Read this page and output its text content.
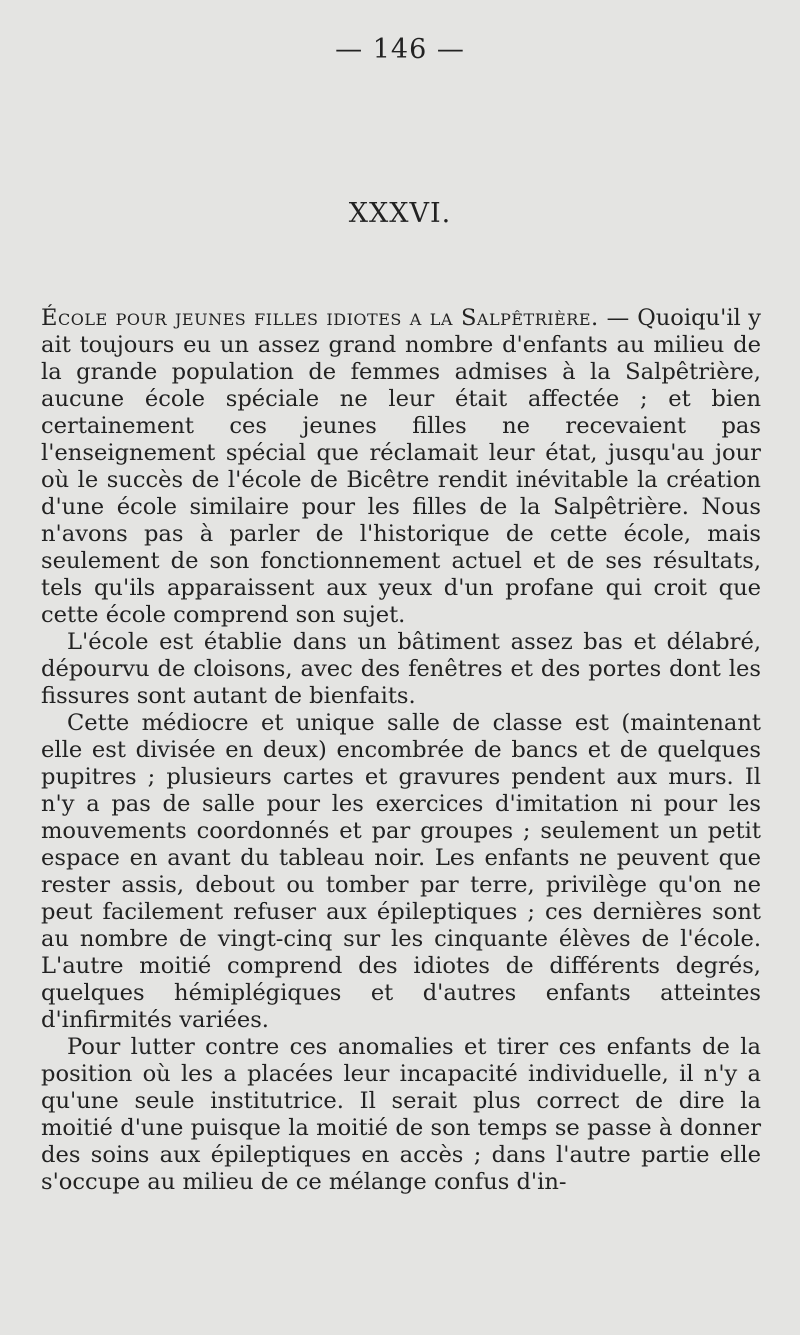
— 146 —
XXXVI.

École pour jeunes filles idiotes a la Salpêtrière. — Quoiqu'il y ait toujours eu un assez grand nombre d'enfants au milieu de la grande population de femmes admises à la Salpêtrière, aucune école spéciale ne leur était affectée ; et bien certainement ces jeunes filles ne recevaient pas l'enseignement spécial que réclamait leur état, jusqu'au jour où le succès de l'école de Bicêtre rendit inévitable la création d'une école similaire pour les filles de la Salpêtrière. Nous n'avons pas à parler de l'historique de cette école, mais seulement de son fonctionnement actuel et de ses résultats, tels qu'ils apparaissent aux yeux d'un profane qui croit que cette école comprend son sujet.

L'école est établie dans un bâtiment assez bas et délabré, dépourvu de cloisons, avec des fenêtres et des portes dont les fissures sont autant de bienfaits.

Cette médiocre et unique salle de classe est (maintenant elle est divisée en deux) encombrée de bancs et de quelques pupitres ; plusieurs cartes et gravures pendent aux murs. Il n'y a pas de salle pour les exercices d'imitation ni pour les mouvements coordonnés et par groupes ; seulement un petit espace en avant du tableau noir. Les enfants ne peuvent que rester assis, debout ou tomber par terre, privilège qu'on ne peut facilement refuser aux épileptiques ; ces dernières sont au nombre de vingt-cinq sur les cinquante élèves de l'école. L'autre moitié comprend des idiotes de différents degrés, quelques hémiplégiques et d'autres enfants atteintes d'infirmités variées.

Pour lutter contre ces anomalies et tirer ces enfants de la position où les a placées leur incapacité individuelle, il n'y a qu'une seule institutrice. Il serait plus correct de dire la moitié d'une puisque la moitié de son temps se passe à donner des soins aux épileptiques en accès ; dans l'autre partie elle s'occupe au milieu de ce mélange confus d'in-
